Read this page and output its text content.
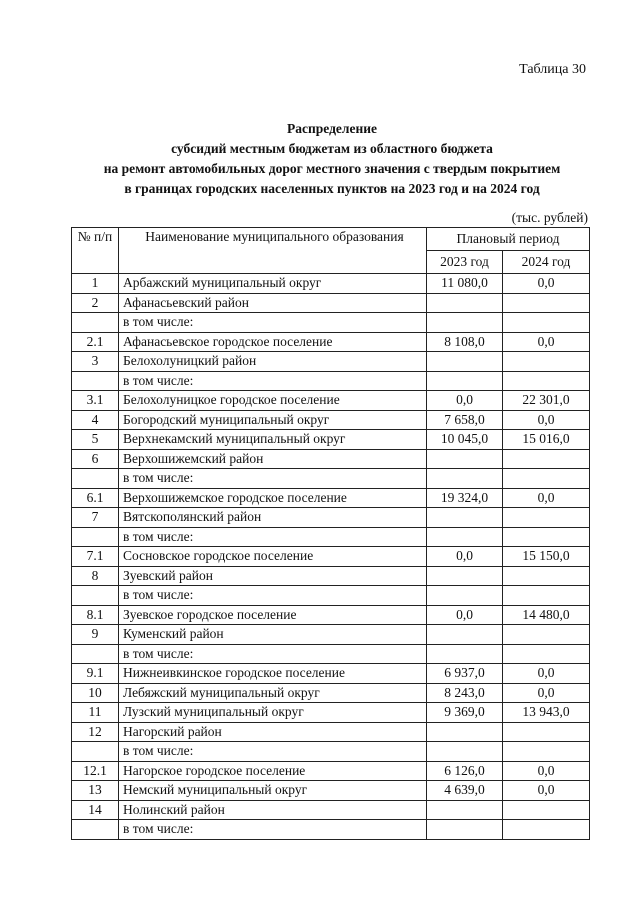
Таблица 30
Распределение
субсидий местным бюджетам из областного бюджета
на ремонт автомобильных дорог местного значения с твердым покрытием
в границах городских населенных пунктов на 2023 год и на 2024 год
(тыс. рублей)
№ п/п	Наименование муниципального образования	Плановый период	
		2023 год	2024 год
1	Арбажский муниципальный округ	11 080,0	0,0
2	Афанасьевский район		
	в том числе:		
2.1	Афанасьевское городское поселение	8 108,0	0,0
3	Белохолуницкий район		
	в том числе:		
3.1	Белохолуницкое городское поселение	0,0	22 301,0
4	Богородский муниципальный округ	7 658,0	0,0
5	Верхнекамский муниципальный округ	10 045,0	15 016,0
6	Верхошижемский район		
	в том числе:		
6.1	Верхошижемское городское поселение	19 324,0	0,0
7	Вятскополянский район		
	в том числе:		
7.1	Сосновское городское поселение	0,0	15 150,0
8	Зуевский район		
	в том числе:		
8.1	Зуевское городское поселение	0,0	14 480,0
9	Куменский район		
	в том числе:		
9.1	Нижнеивкинское городское поселение	6 937,0	0,0
10	Лебяжский муниципальный округ	8 243,0	0,0
11	Лузский муниципальный округ	9 369,0	13 943,0
12	Нагорский район		
	в том числе:		
12.1	Нагорское городское поселение	6 126,0	0,0
13	Немский муниципальный округ	4 639,0	0,0
14	Нолинский район		
	в том числе:		
